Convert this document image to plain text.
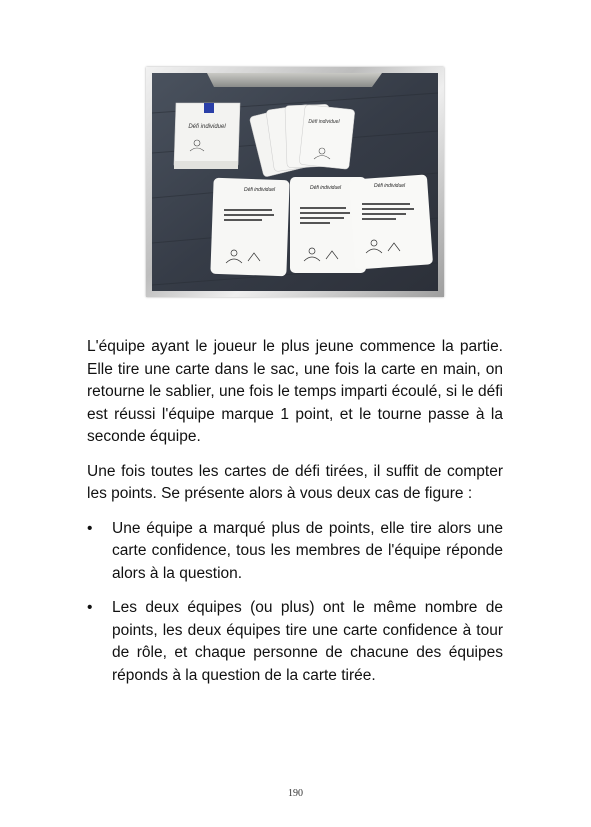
Défi individuel
Défi individuel
Défi individuel	Défi individuel	Défi individuel

L'équipe ayant le joueur le plus jeune commence la partie. Elle tire une carte dans le sac, une fois la carte en main, on retourne le sablier, une fois le temps imparti écoulé, si le défi est réussi l'équipe marque 1 point, et le tourne passe à la seconde équipe.

Une fois toutes les cartes de défi tirées, il suffit de compter les points. Se présente alors à vous deux cas de figure :

• Une équipe a marqué plus de points, elle tire alors une carte confidence, tous les membres de l'équipe réponde alors à la question.
• Les deux équipes (ou plus) ont le même nombre de points, les deux équipes tire une carte confidence à tour de rôle, et chaque personne de chacune des équipes réponds à la question de la carte tirée.
190
